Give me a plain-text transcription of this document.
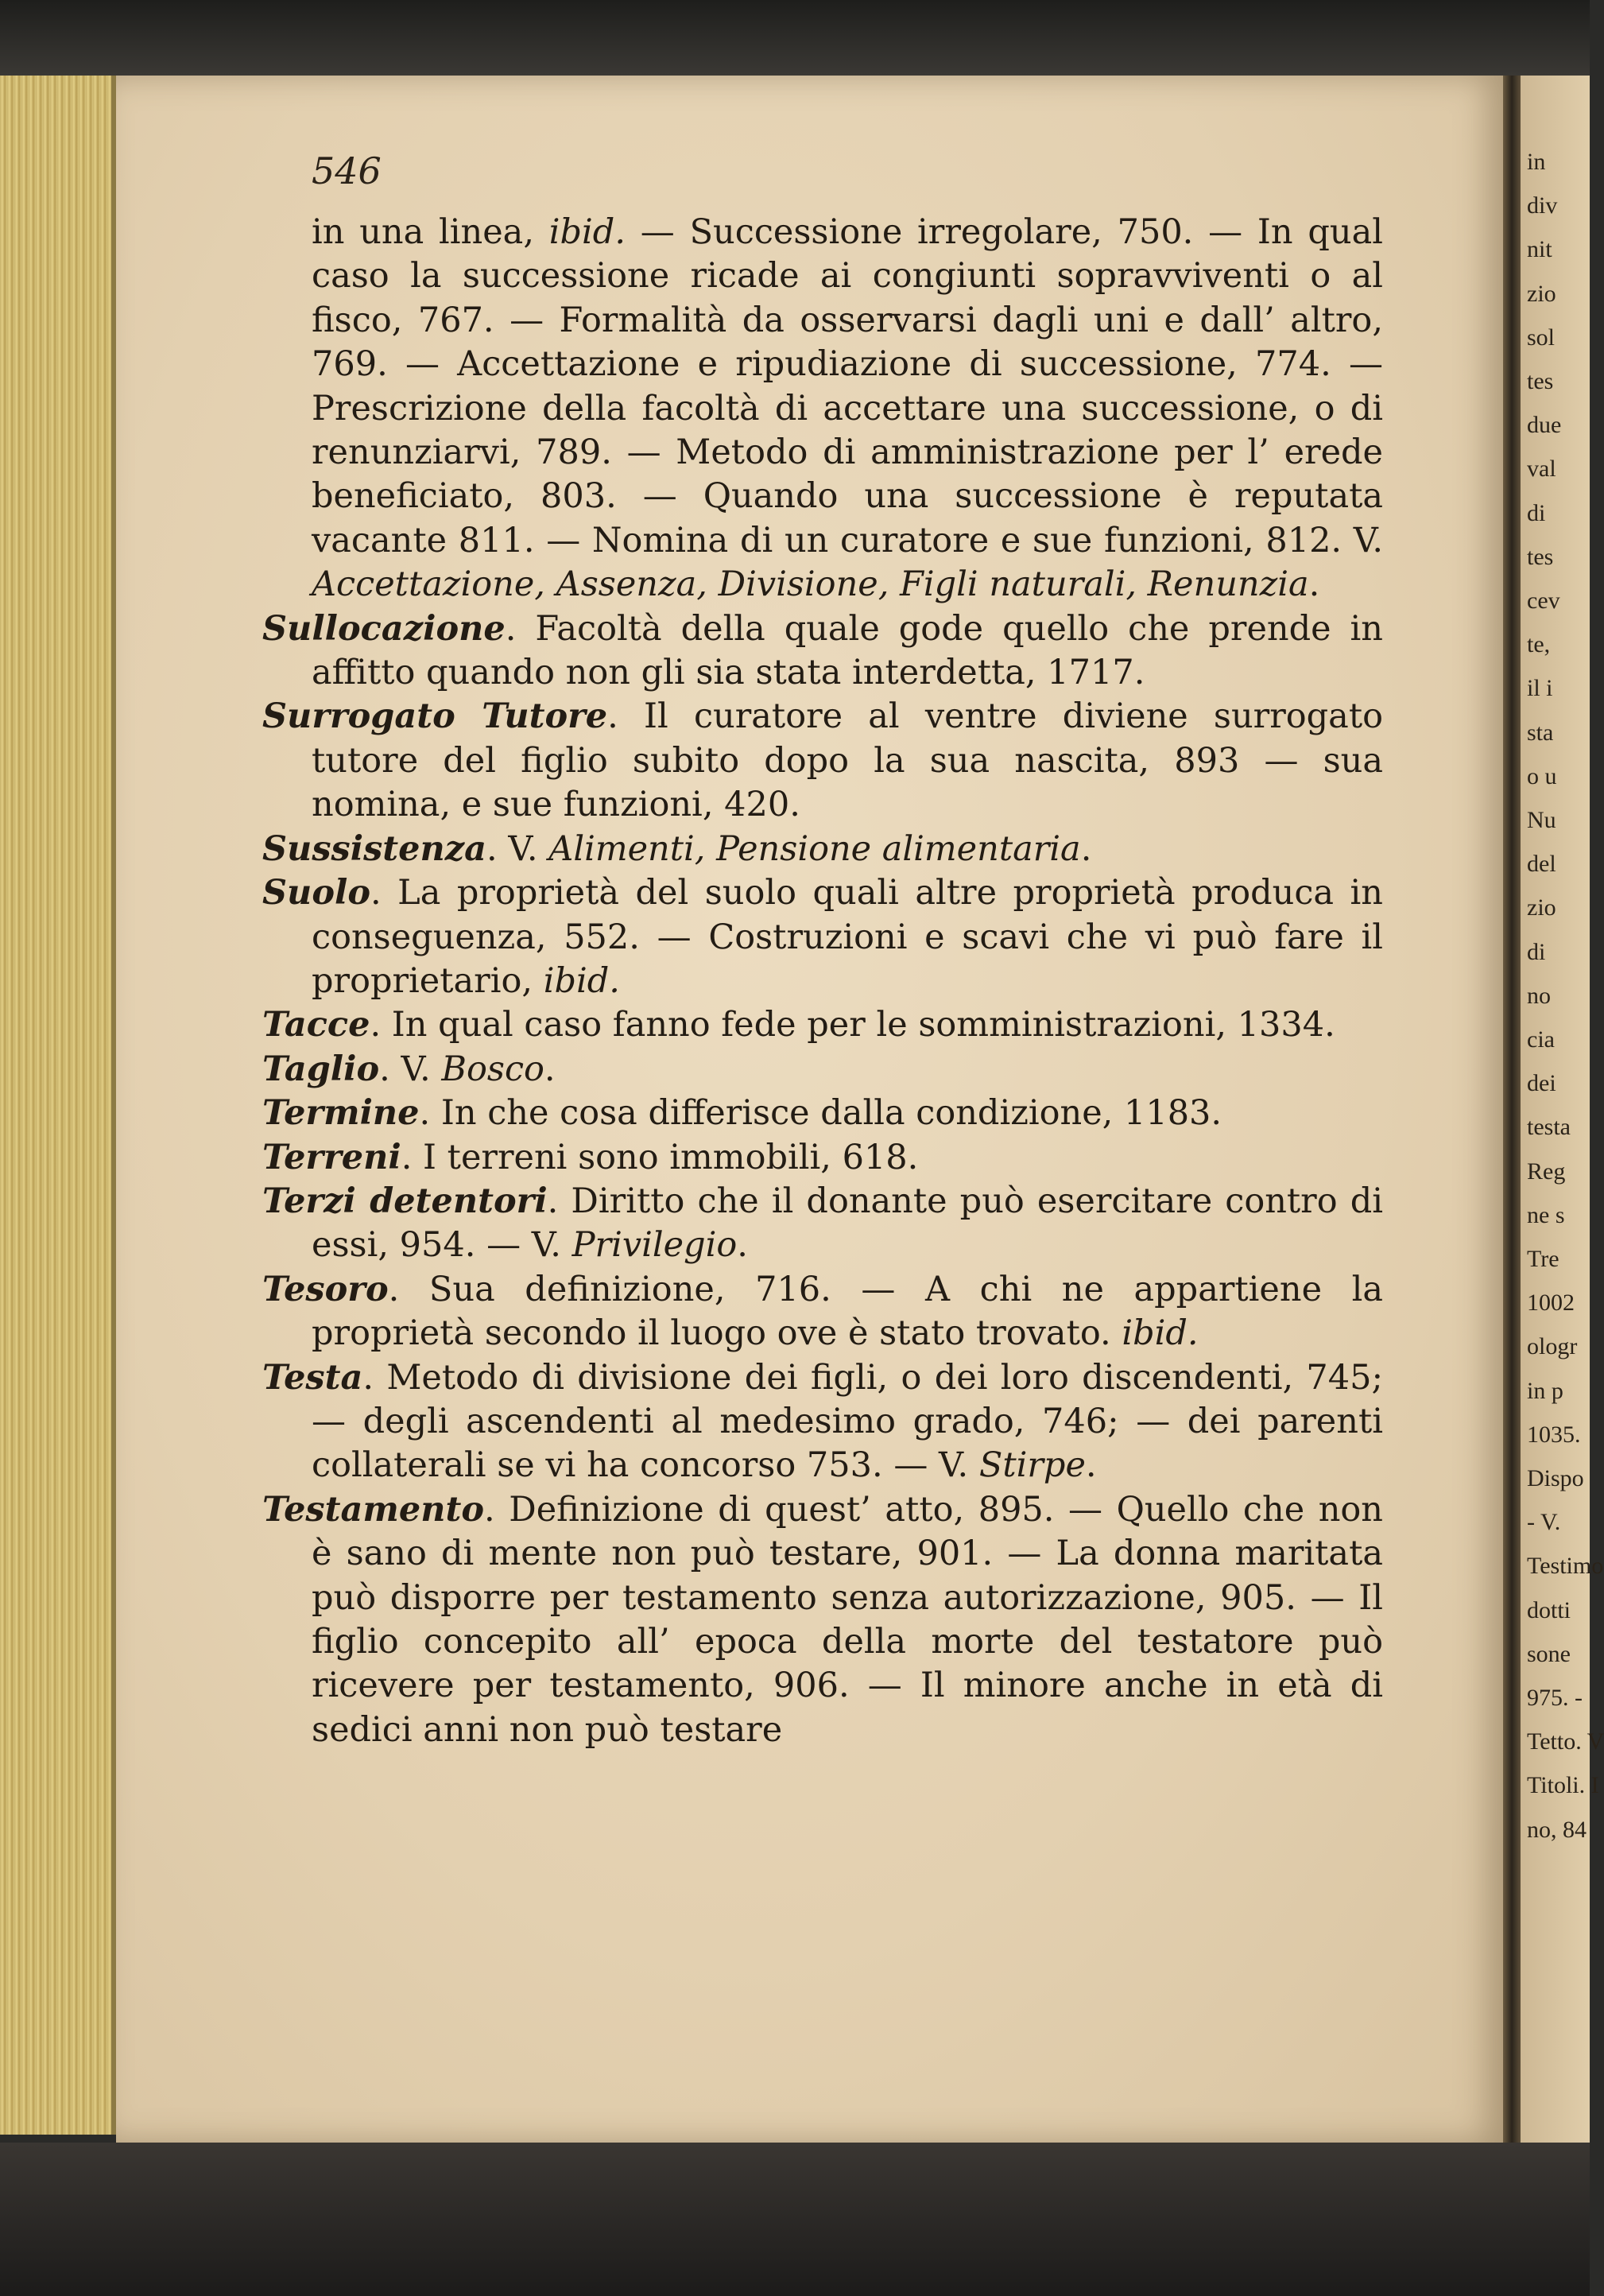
in
div
nit
zio
sol
tes
due
val
di
tes
cev
te,
il i
sta
o u
Nu
del
zio
di
no
cia
dei
testa
Reg
ne s
Tre
1002
ologr
in p
1035.
Dispo
- V.
Testimo
dotti
sone
975. -
Tetto. V
Titoli. I
no, 84
546

in una linea, ibid. — Successione irregolare, 750. — In qual caso la successione ricade ai congiunti sopravviventi o al fisco, 767. — Formalità da osservarsi dagli uni e dall’ altro, 769. — Accettazione e ripudiazione di successione, 774. — Prescrizione della facoltà di accettare una successione, o di renunziarvi, 789. — Metodo di amministrazione per l’ erede beneficiato, 803. — Quando una successione è reputata vacante 811. — Nomina di un curatore e sue funzioni, 812. V. Accettazione, Assenza, Divisione, Figli naturali, Renunzia.

Sullocazione. Facoltà della quale gode quello che prende in affitto quando non gli sia stata interdetta, 1717.

Surrogato Tutore. Il curatore al ventre diviene surrogato tutore del figlio subito dopo la sua nascita, 893 — sua nomina, e sue funzioni, 420.

Sussistenza. V. Alimenti, Pensione alimentaria.

Suolo. La proprietà del suolo quali altre proprietà produca in conseguenza, 552. — Costruzioni e scavi che vi può fare il proprietario, ibid.

Tacce. In qual caso fanno fede per le somministrazioni, 1334.

Taglio. V. Bosco.

Termine. In che cosa differisce dalla condizione, 1183.

Terreni. I terreni sono immobili, 618.

Terzi detentori. Diritto che il donante può esercitare contro di essi, 954. — V. Privilegio.

Tesoro. Sua definizione, 716. — A chi ne appartiene la proprietà secondo il luogo ove è stato trovato. ibid.

Testa. Metodo di divisione dei figli, o dei loro discendenti, 745; — degli ascendenti al medesimo grado, 746; — dei parenti collaterali se vi ha concorso 753. — V. Stirpe.

Testamento. Definizione di quest’ atto, 895. — Quello che non è sano di mente non può testare, 901. — La donna maritata può disporre per testamento senza autorizzazione, 905. — Il figlio concepito all’ epoca della morte del testatore può ricevere per testamento, 906. — Il minore anche in età di sedici anni non può testare
